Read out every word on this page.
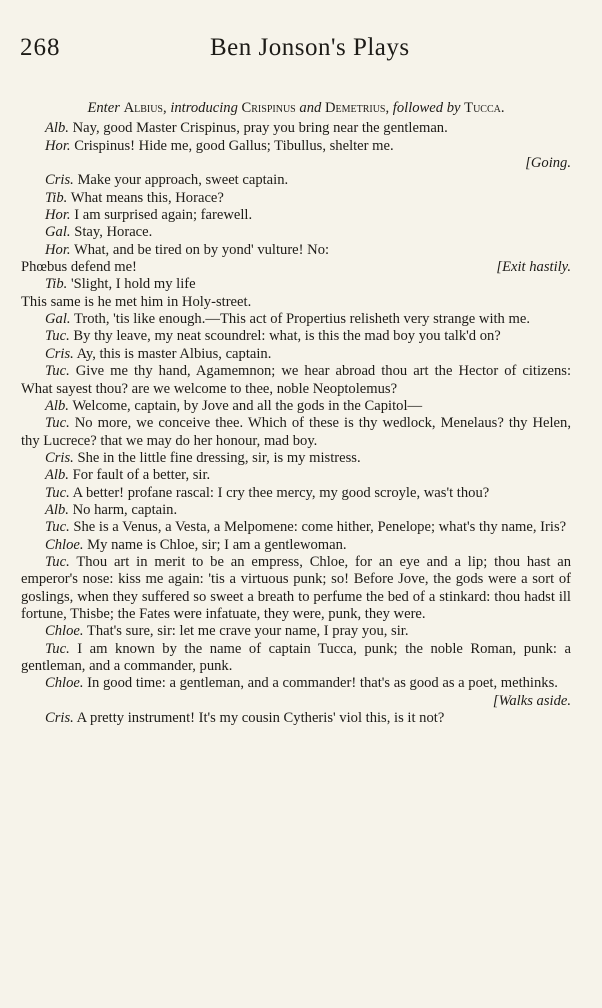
268	Ben Jonson's Plays
Enter Albius, introducing Crispinus and Demetrius, followed by Tucca.
Alb. Nay, good Master Crispinus, pray you bring near the gentleman.
Hor. Crispinus! Hide me, good Gallus; Tibullus, shelter me.
[Going.
Cris. Make your approach, sweet captain.
Tib. What means this, Horace?
Hor. I am surprised again; farewell.
Gal. Stay, Horace.
Hor. What, and be tired on by yond' vulture! No:
[Exit hastily.
Phœbus defend me!
Tib. 'Slight, I hold my life
This same is he met him in Holy-street.
Gal. Troth, 'tis like enough.—This act of Propertius relisheth very strange with me.
Tuc. By thy leave, my neat scoundrel: what, is this the mad boy you talk'd on?
Cris. Ay, this is master Albius, captain.
Tuc. Give me thy hand, Agamemnon; we hear abroad thou art the Hector of citizens: What sayest thou? are we welcome to thee, noble Neoptolemus?
Alb. Welcome, captain, by Jove and all the gods in the Capitol—
Tuc. No more, we conceive thee. Which of these is thy wedlock, Menelaus? thy Helen, thy Lucrece? that we may do her honour, mad boy.
Cris. She in the little fine dressing, sir, is my mistress.
Alb. For fault of a better, sir.
Tuc. A better! profane rascal: I cry thee mercy, my good scroyle, was't thou?
Alb. No harm, captain.
Tuc. She is a Venus, a Vesta, a Melpomene: come hither, Penelope; what's thy name, Iris?
Chloe. My name is Chloe, sir; I am a gentlewoman.
Tuc. Thou art in merit to be an empress, Chloe, for an eye and a lip; thou hast an emperor's nose: kiss me again: 'tis a virtuous punk; so! Before Jove, the gods were a sort of goslings, when they suffered so sweet a breath to perfume the bed of a stinkard: thou hadst ill fortune, Thisbe; the Fates were infatuate, they were, punk, they were.
Chloe. That's sure, sir: let me crave your name, I pray you, sir.
Tuc. I am known by the name of captain Tucca, punk; the noble Roman, punk: a gentleman, and a commander, punk.
Chloe. In good time: a gentleman, and a commander! that's as good as a poet, methinks.
[Walks aside.
Cris. A pretty instrument! It's my cousin Cytheris' viol this, is it not?
